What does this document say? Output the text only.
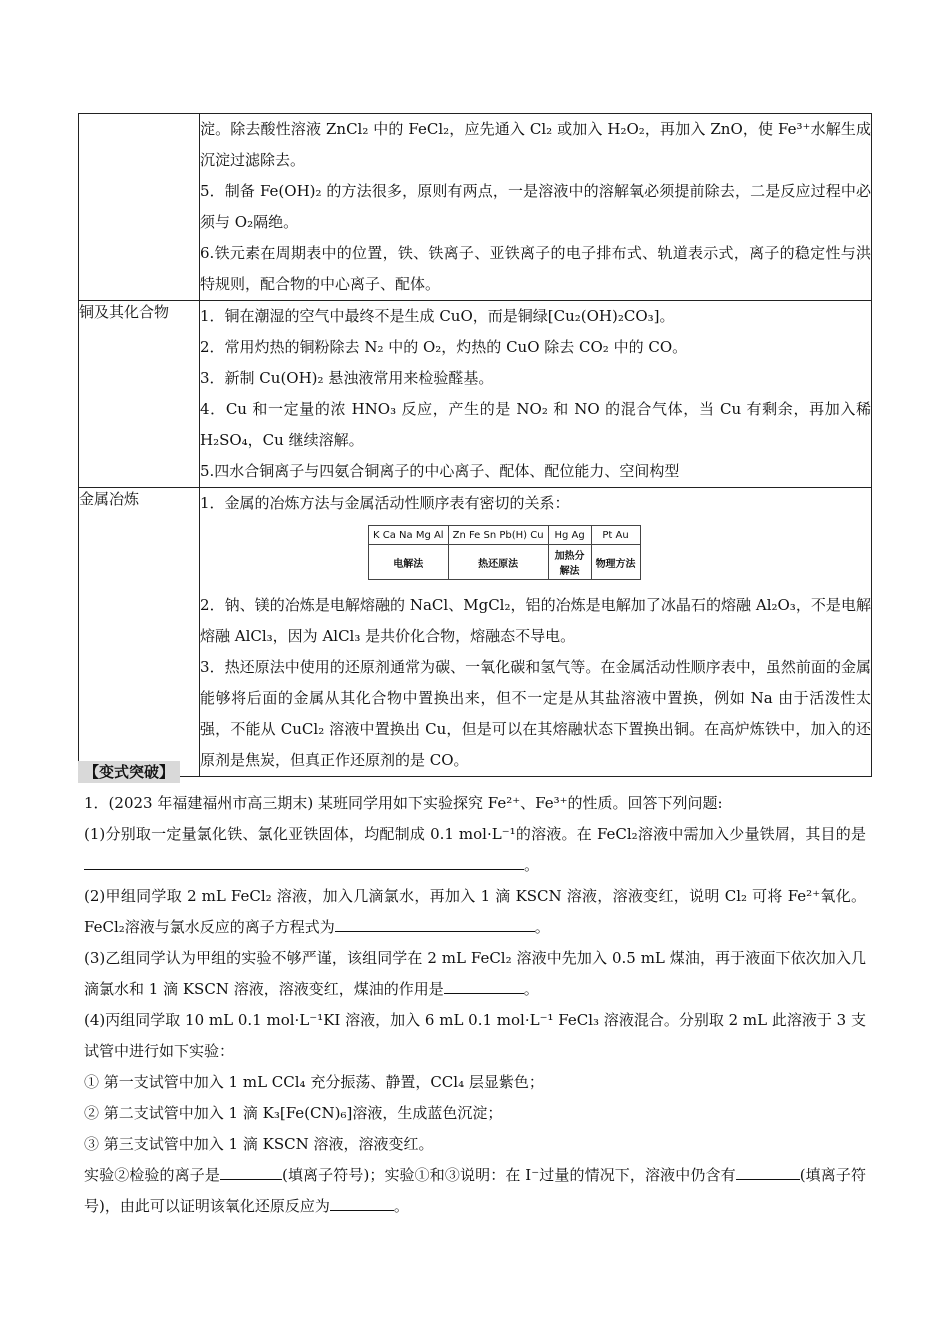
淀。除去酸性溶液 ZnCl₂ 中的 FeCl₂，应先通入 Cl₂ 或加入 H₂O₂，再加入 ZnO，使 Fe³⁺水解生成沉淀过滤除去。

5．制备 Fe(OH)₂ 的方法很多，原则有两点，一是溶液中的溶解氧必须提前除去，二是反应过程中必须与 O₂隔绝。

6.铁元素在周期表中的位置，铁、铁离子、亚铁离子的电子排布式、轨道表示式，离子的稳定性与洪特规则，配合物的中心离子、配体。

铜及其化合物	1．铜在潮湿的空气中最终不是生成 CuO，而是铜绿[Cu₂(OH)₂CO₃]。

2．常用灼热的铜粉除去 N₂ 中的 O₂，灼热的 CuO 除去 CO₂ 中的 CO。

3．新制 Cu(OH)₂ 悬浊液常用来检验醛基。

4．Cu 和一定量的浓 HNO₃ 反应，产生的是 NO₂ 和 NO 的混合气体，当 Cu 有剩余，再加入稀 H₂SO₄，Cu 继续溶解。

5.四水合铜离子与四氨合铜离子的中心离子、配体、配位能力、空间构型

金属冶炼	1．金属的冶炼方法与金属活动性顺序表有密切的关系：

K Ca Na Mg Al	Zn Fe Sn Pb(H) Cu	Hg Ag	Pt Au
电解法	热还原法	加热分解法	物理方法

2．钠、镁的冶炼是电解熔融的 NaCl、MgCl₂，铝的冶炼是电解加了冰晶石的熔融 Al₂O₃，不是电解熔融 AlCl₃，因为 AlCl₃ 是共价化合物，熔融态不导电。

3．热还原法中使用的还原剂通常为碳、一氧化碳和氢气等。在金属活动性顺序表中，虽然前面的金属能够将后面的金属从其化合物中置换出来，但不一定是从其盐溶液中置换，例如 Na 由于活泼性太强，不能从 CuCl₂ 溶液中置换出 Cu，但是可以在其熔融状态下置换出铜。在高炉炼铁中，加入的还原剂是焦炭，但真正作还原剂的是 CO。

【变式突破】

1．(2023 年福建福州市高三期末) 某班同学用如下实验探究 Fe²⁺、Fe³⁺的性质。回答下列问题:

(1)分别取一定量氯化铁、氯化亚铁固体，均配制成 0.1 mol·L⁻¹的溶液。在 FeCl₂溶液中需加入少量铁屑，其目的是。

(2)甲组同学取 2 mL FeCl₂ 溶液，加入几滴氯水，再加入 1 滴 KSCN 溶液，溶液变红，说明 Cl₂ 可将 Fe²⁺氧化。FeCl₂溶液与氯水反应的离子方程式为	。

(3)乙组同学认为甲组的实验不够严谨，该组同学在 2 mL FeCl₂ 溶液中先加入 0.5 mL 煤油，再于液面下依次加入几滴氯水和 1 滴 KSCN 溶液，溶液变红，煤油的作用是	。

(4)丙组同学取 10 mL 0.1 mol·L⁻¹KI 溶液，加入 6 mL 0.1 mol·L⁻¹ FeCl₃ 溶液混合。分别取 2 mL 此溶液于 3 支试管中进行如下实验：

① 第一支试管中加入 1 mL CCl₄ 充分振荡、静置，CCl₄ 层显紫色；

② 第二支试管中加入 1 滴 K₃[Fe(CN)₆]溶液，生成蓝色沉淀；

③ 第三支试管中加入 1 滴 KSCN 溶液，溶液变红。

实验②检验的离子是	(填离子符号)；实验①和③说明：在 I⁻过量的情况下，溶液中仍含有	(填离子符号)，由此可以证明该氧化还原反应为	。
